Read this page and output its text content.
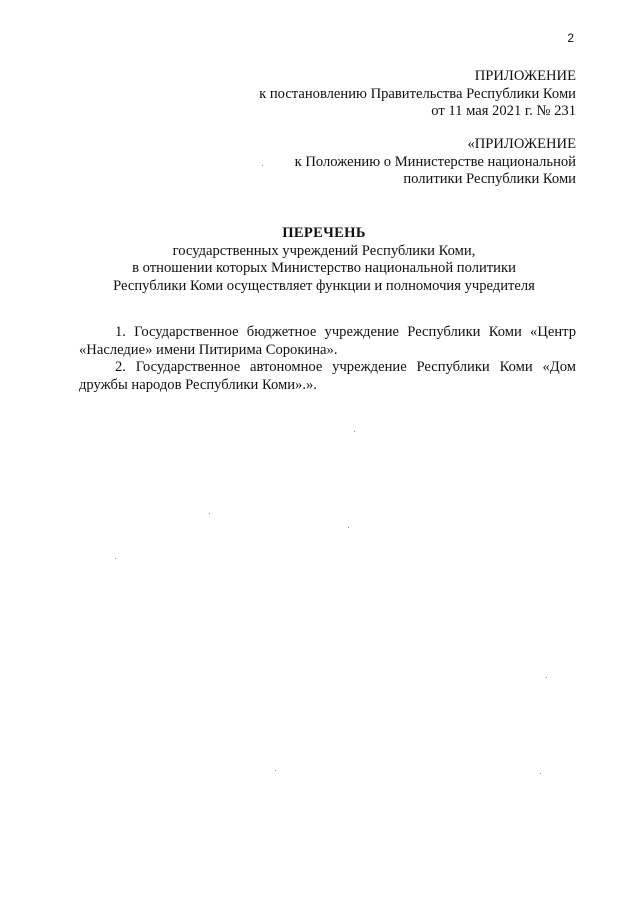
2
ПРИЛОЖЕНИЕ
к постановлению Правительства Республики Коми
от 11 мая 2021 г. № 231
«ПРИЛОЖЕНИЕ
к Положению о Министерстве национальной
политики Республики Коми
ПЕРЕЧЕНЬ
государственных учреждений Республики Коми,
в отношении которых Министерство национальной политики
Республики Коми осуществляет функции и полномочия учредителя

1. Государственное бюджетное учреждение Республики Коми «Центр «Наследие» имени Питирима Сорокина».

2. Государственное автономное учреждение Республики Коми «Дом дружбы народов Республики Коми».».
